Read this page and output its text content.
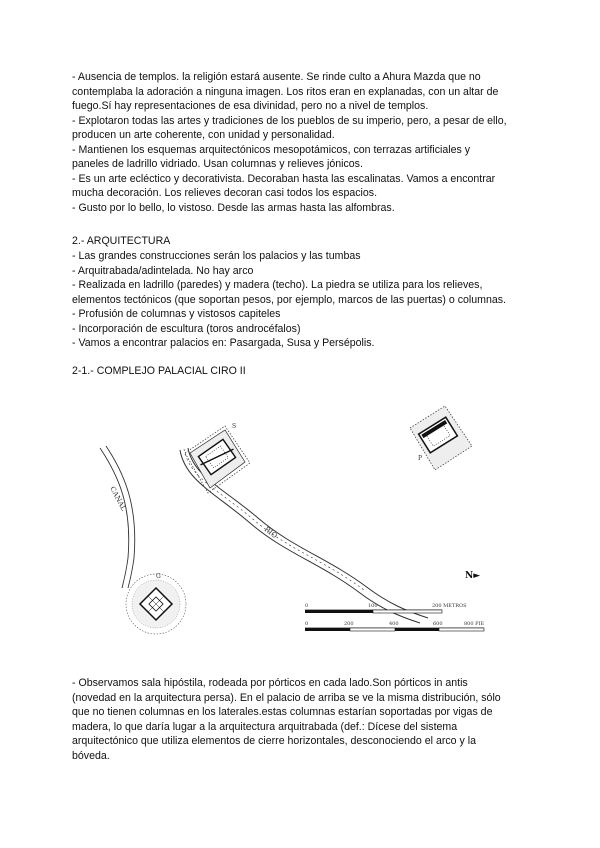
- Ausencia de templos. la religión estará ausente. Se rinde culto a Ahura Mazda que no
contemplaba la adoración a ninguna imagen. Los ritos eran en explanadas, con un altar de
fuego.Sí hay representaciones de esa divinidad, pero no a nivel de templos.
- Explotaron todas las artes y tradiciones de los pueblos de su imperio, pero, a pesar de ello,
producen un arte coherente, con unidad y personalidad.
- Mantienen los esquemas arquitectónicos mesopotámicos, con terrazas artificiales y
paneles de ladrillo vidriado. Usan columnas y relieves jónicos.
- Es un arte ecléctico y decorativista. Decoraban hasta las escalinatas. Vamos a encontrar
mucha decoración. Los relieves decoran casi todos los espacios.
- Gusto por lo bello, lo vistoso. Desde las armas hasta las alfombras.

2.- ARQUITECTURA

- Las grandes construcciones serán los palacios y las tumbas
- Arquitrabada/adintelada. No hay arco
- Realizada en ladrillo (paredes) y madera (techo). La piedra se utiliza para los relieves,
elementos tectónicos (que soportan pesos, por ejemplo, marcos de las puertas) o columnas.
- Profusión de columnas y vistosos capiteles
- Incorporación de escultura (toros androcéfalos)
- Vamos a encontrar palacios en: Pasargada, Susa y Persépolis.

2-1.- COMPLEJO PALACIAL CIRO II

CANAL
RIO
S
P
G	N►
0	100	200 METROS
0	200	400	600	800 PIE
- Observamos sala hipóstila, rodeada por pórticos en cada lado.Son pórticos in antis
(novedad en la arquitectura persa). En el palacio de arriba se ve la misma distribución, sólo
que no tienen columnas en los laterales.estas columnas estarían soportadas por vigas de
madera, lo que daría lugar a la arquitectura arquitrabada (def.: Dícese del sistema
arquitectónico que utiliza elementos de cierre horizontales, desconociendo el arco y la
bóveda.
